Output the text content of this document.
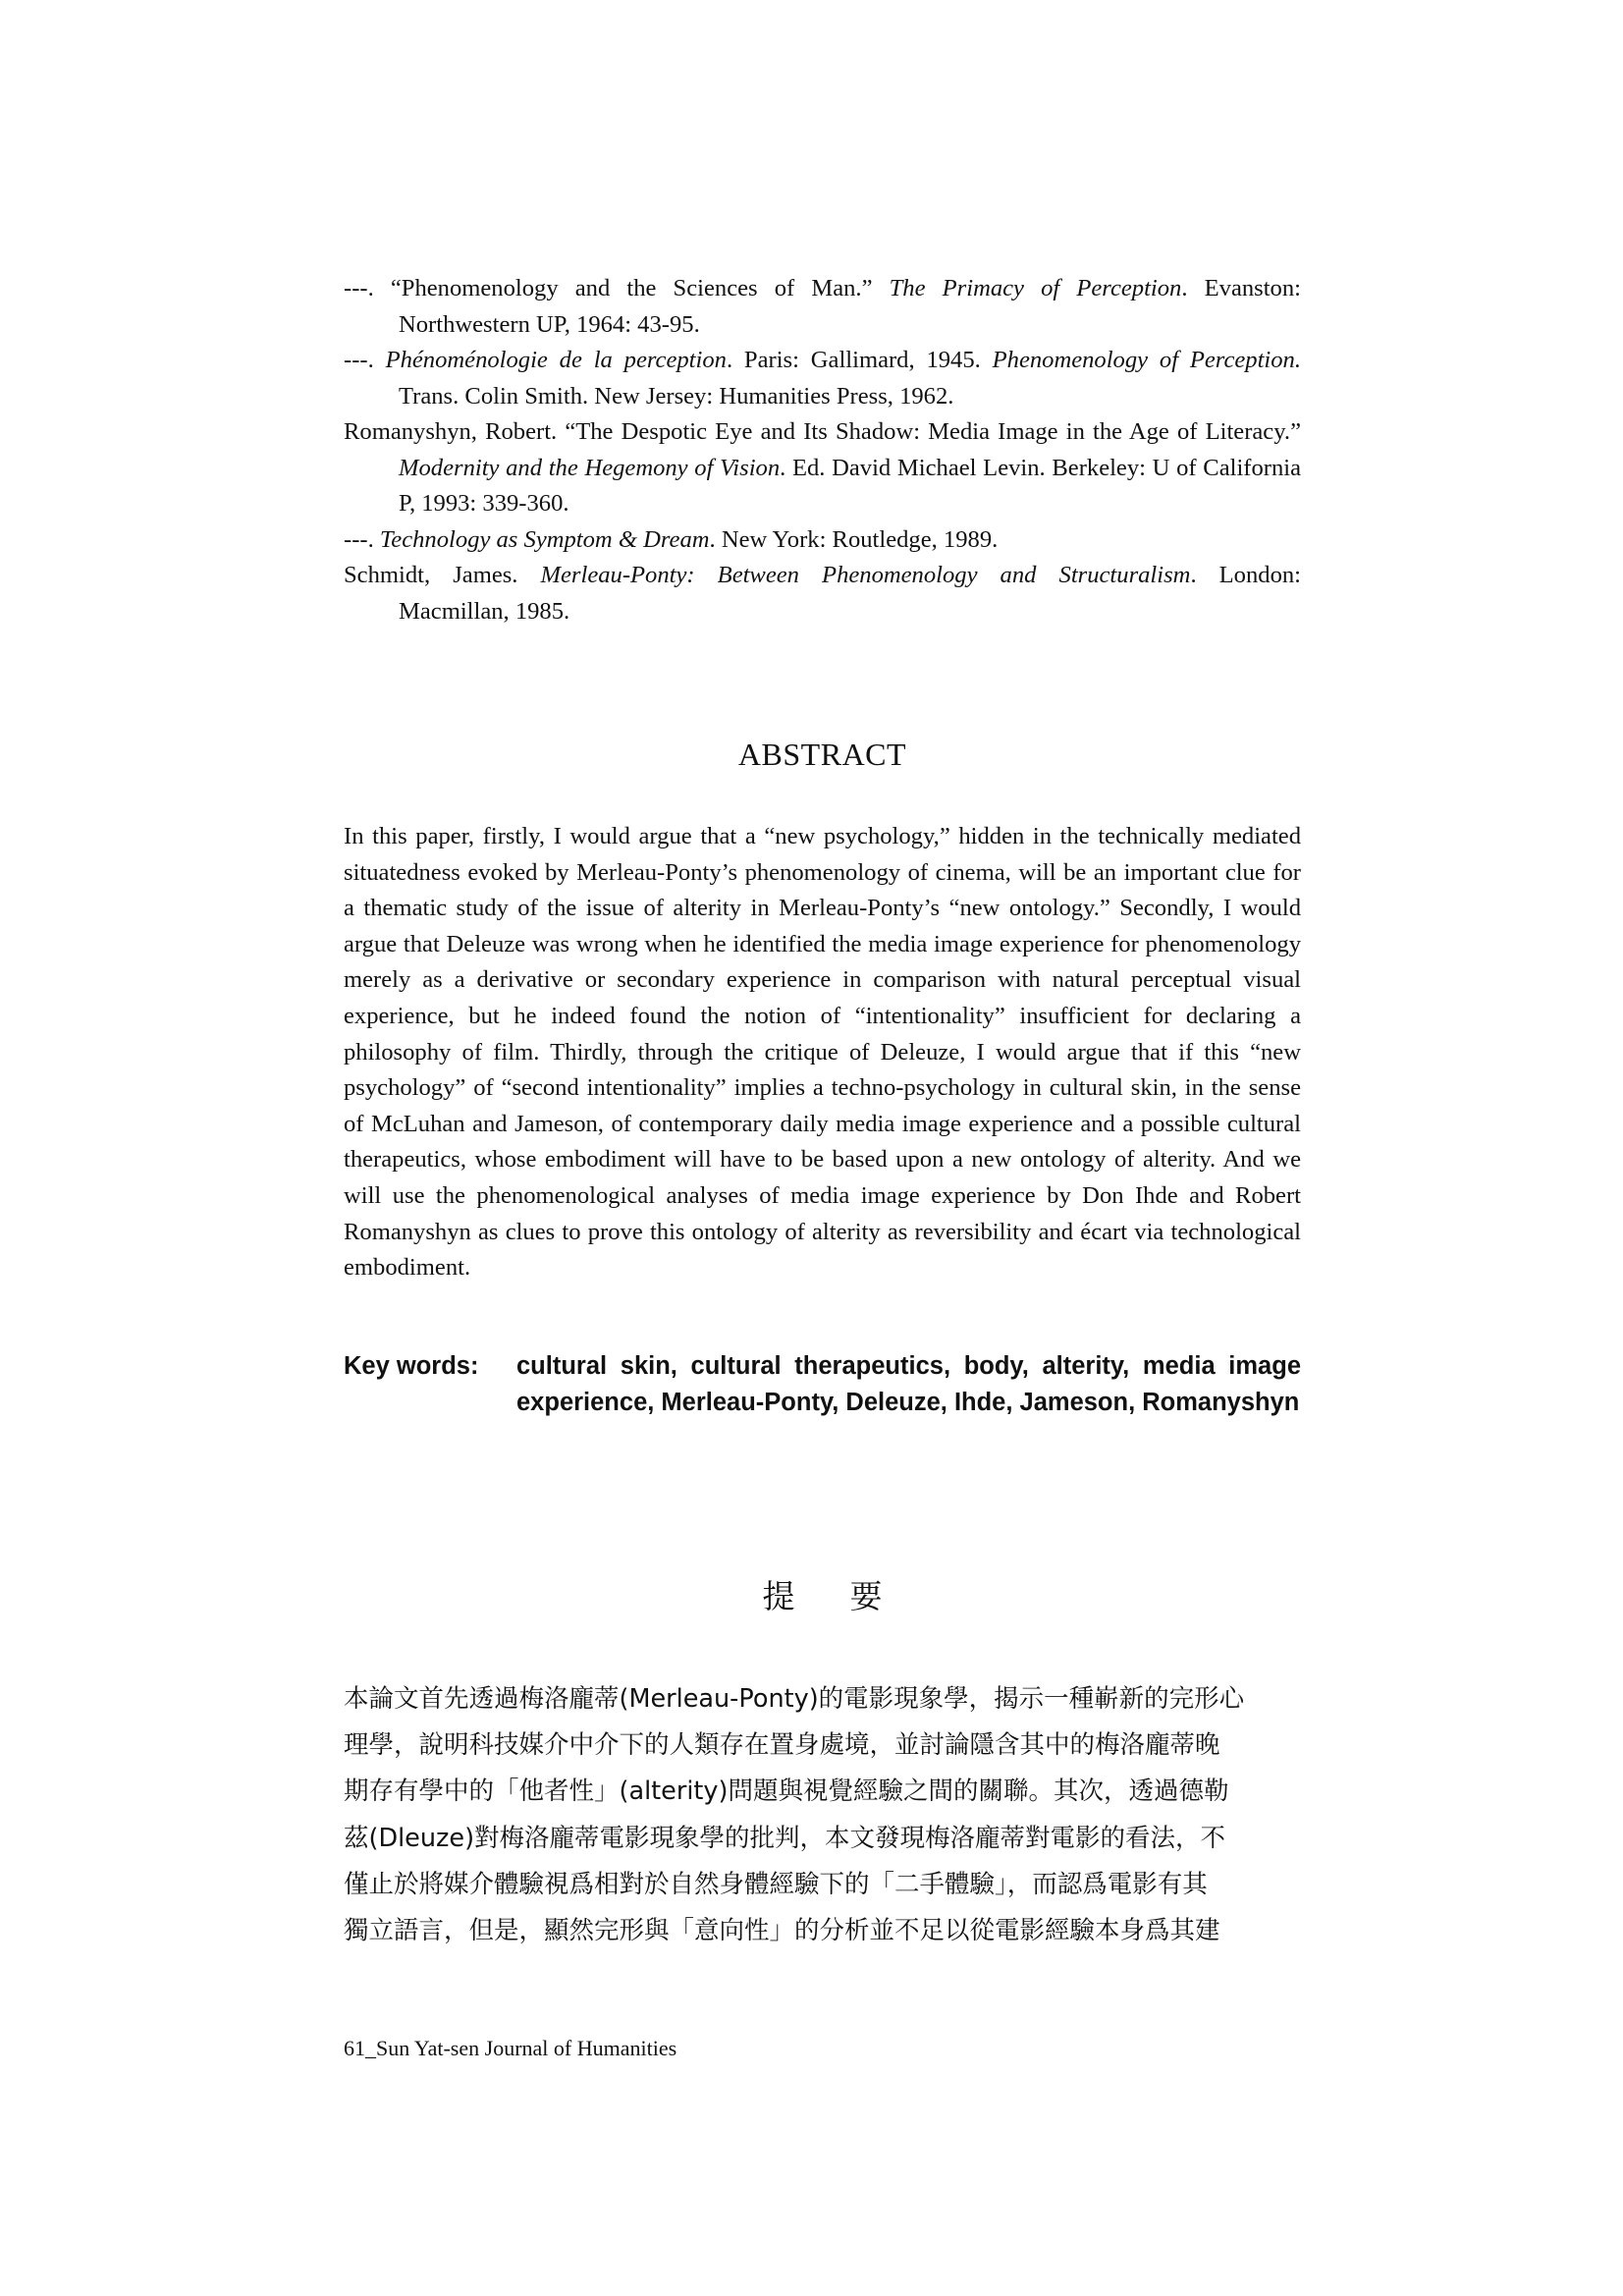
---. “Phenomenology and the Sciences of Man.” The Primacy of Perception. Evanston: Northwestern UP, 1964: 43-95.

---. Phénoménologie de la perception. Paris: Gallimard, 1945. Phenomenology of Perception. Trans. Colin Smith. New Jersey: Humanities Press, 1962.

Romanyshyn, Robert. “The Despotic Eye and Its Shadow: Media Image in the Age of Literacy.” Modernity and the Hegemony of Vision. Ed. David Michael Levin. Berkeley: U of California P, 1993: 339-360.

---. Technology as Symptom & Dream. New York: Routledge, 1989.

Schmidt, James. Merleau-Ponty: Between Phenomenology and Structuralism. London: Macmillan, 1985.

ABSTRACT

In this paper, firstly, I would argue that a “new psychology,” hidden in the technically mediated situatedness evoked by Merleau-Ponty’s phenomenology of cinema, will be an important clue for a thematic study of the issue of alterity in Merleau-Ponty’s “new ontology.” Secondly, I would argue that Deleuze was wrong when he identified the media image experience for phenomenology merely as a derivative or secondary experience in comparison with natural perceptual visual experience, but he indeed found the notion of “intentionality” insufficient for declaring a philosophy of film. Thirdly, through the critique of Deleuze, I would argue that if this “new psychology” of “second intentionality” implies a techno-psychology in cultural skin, in the sense of McLuhan and Jameson, of contemporary daily media image experience and a possible cultural therapeutics, whose embodiment will have to be based upon a new ontology of alterity. And we will use the phenomenological analyses of media image experience by Don Ihde and Robert Romanyshyn as clues to prove this ontology of alterity as reversibility and écart via technological embodiment.

Key words: cultural skin, cultural therapeutics, body, alterity, media image experience, Merleau-Ponty, Deleuze, Ihde, Jameson, Romanyshyn
提 要
本論文首先透過梅洛龐蒂(Merleau-Ponty)的電影現象學，揭示一種嶄新的完形心
理學，說明科技媒介中介下的人類存在置身處境，並討論隱含其中的梅洛龐蒂晚
期存有學中的「他者性」(alterity)問題與視覺經驗之間的關聯。其次，透過德勒
茲(Dleuze)對梅洛龐蒂電影現象學的批判，本文發現梅洛龐蒂對電影的看法，不
僅止於將媒介體驗視爲相對於自然身體經驗下的「二手體驗」，而認爲電影有其
獨立語言，但是，顯然完形與「意向性」的分析並不足以從電影經驗本身爲其建
61_Sun Yat-sen Journal of Humanities
